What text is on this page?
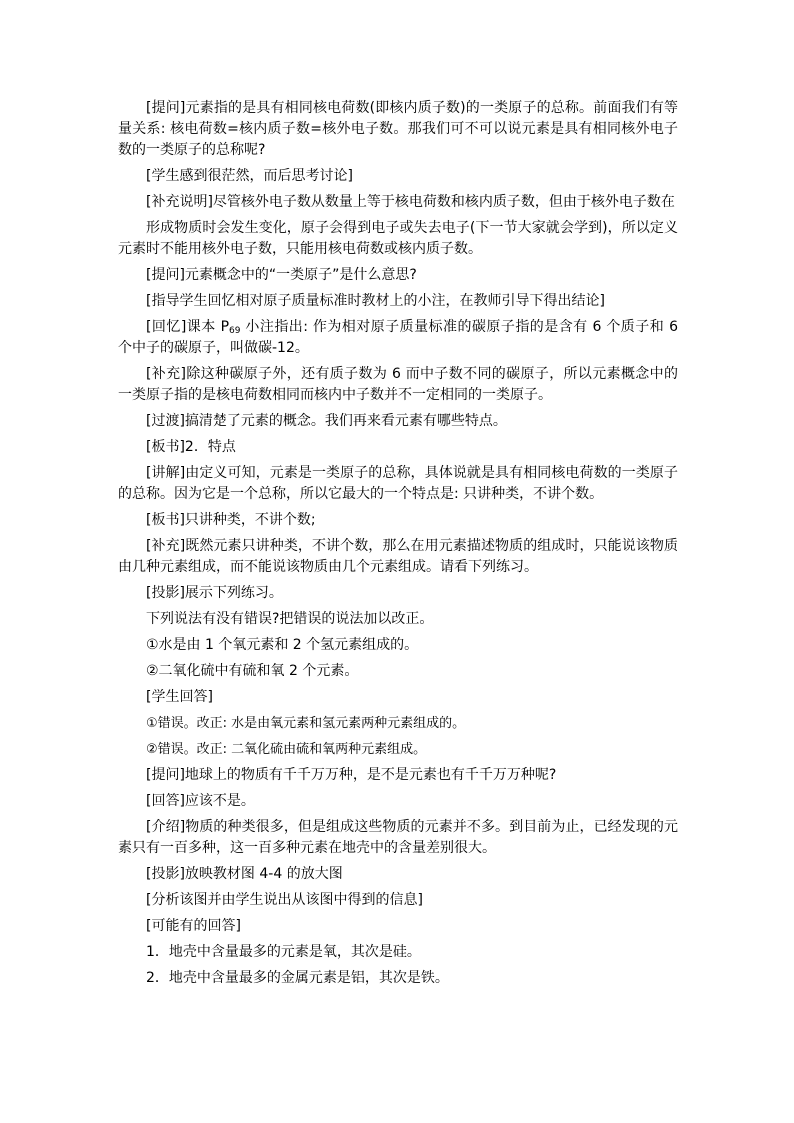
[提问]元素指的是具有相同核电荷数(即核内质子数)的一类原子的总称。前面我们有等量关系: 核电荷数=核内质子数=核外电子数。那我们可不可以说元素是具有相同核外电子数的一类原子的总称呢?

[学生感到很茫然，而后思考讨论]

[补充说明]尽管核外电子数从数量上等于核电荷数和核内质子数，但由于核外电子数在

形成物质时会发生变化，原子会得到电子或失去电子(下一节大家就会学到)，所以定义元素时不能用核外电子数，只能用核电荷数或核内质子数。

[提问]元素概念中的“一类原子”是什么意思?

[指导学生回忆相对原子质量标准时教材上的小注，在教师引导下得出结论]

[回忆]课本 $P_{69}$ 小注指出: 作为相对原子质量标准的碳原子指的是含有 6 个质子和 6 个中子的碳原子，叫做碳-12。

[补充]除这种碳原子外，还有质子数为 6 而中子数不同的碳原子，所以元素概念中的一类原子指的是核电荷数相同而核内中子数并不一定相同的一类原子。

[过渡]搞清楚了元素的概念。我们再来看元素有哪些特点。

[板书]2．特点

[讲解]由定义可知，元素是一类原子的总称，具体说就是具有相同核电荷数的一类原子的总称。因为它是一个总称，所以它最大的一个特点是: 只讲种类，不讲个数。

[板书]只讲种类，不讲个数;

[补充]既然元素只讲种类，不讲个数，那么在用元素描述物质的组成时，只能说该物质由几种元素组成，而不能说该物质由几个元素组成。请看下列练习。

[投影]展示下列练习。

下列说法有没有错误?把错误的说法加以改正。

①水是由 1 个氧元素和 2 个氢元素组成的。

②二氧化硫中有硫和氧 2 个元素。

[学生回答]

①错误。改正: 水是由氧元素和氢元素两种元素组成的。

②错误。改正: 二氧化硫由硫和氧两种元素组成。

[提问]地球上的物质有千千万万种，是不是元素也有千千万万种呢?

[回答]应该不是。

[介绍]物质的种类很多，但是组成这些物质的元素并不多。到目前为止，已经发现的元素只有一百多种，这一百多种元素在地壳中的含量差别很大。

[投影]放映教材图 4-4 的放大图

[分析该图并由学生说出从该图中得到的信息]

[可能有的回答]

1．地壳中含量最多的元素是氧，其次是硅。

2．地壳中含量最多的金属元素是铝，其次是铁。
